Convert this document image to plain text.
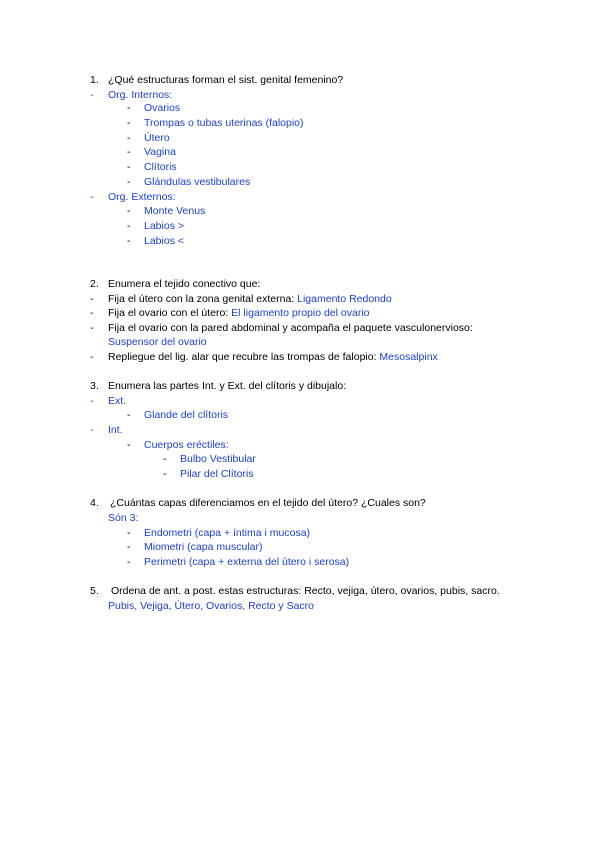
1. ¿Qué estructuras forman el sist. genital femenino?
- Org. Internos:
- Ovarios
- Trompas o tubas uterinas (falopio)
- Útero
- Vagina
- Clítoris
- Glándulas vestibulares
- Org. Externos:
- Monte Venus
- Labios >
- Labios <
2. Enumera el tejido conectivo que:
- Fija el útero con la zona genital externa: Ligamento Redondo
- Fija el ovario con el útero: El ligamento propio del ovario
- Fija el ovario con la pared abdominal y acompaña el paquete vasculonervioso:
Suspensor del ovario
- Repliegue del lig. alar que recubre las trompas de falopio: Mesosalpinx
3. Enumera las partes Int. y Ext. del clítoris y dibujalo:
- Ext.
- Glande del clítoris
- Int.
- Cuerpos eréctiles:
- Bulbo Vestibular
- Pilar del Clítoris
4. ¿Cuántas capas diferenciamos en el tejido del útero? ¿Cuales son?
Són 3:
- Endometri (capa + íntima i mucosa)
- Miometri (capa muscular)
- Perimetri (capa + externa del útero i serosa)
5. Ordena de ant. a post. estas estructuras: Recto, vejiga, útero, ovarios, pubis, sacro.
Pubis, Vejiga, Útero, Ovarios, Recto y Sacro
